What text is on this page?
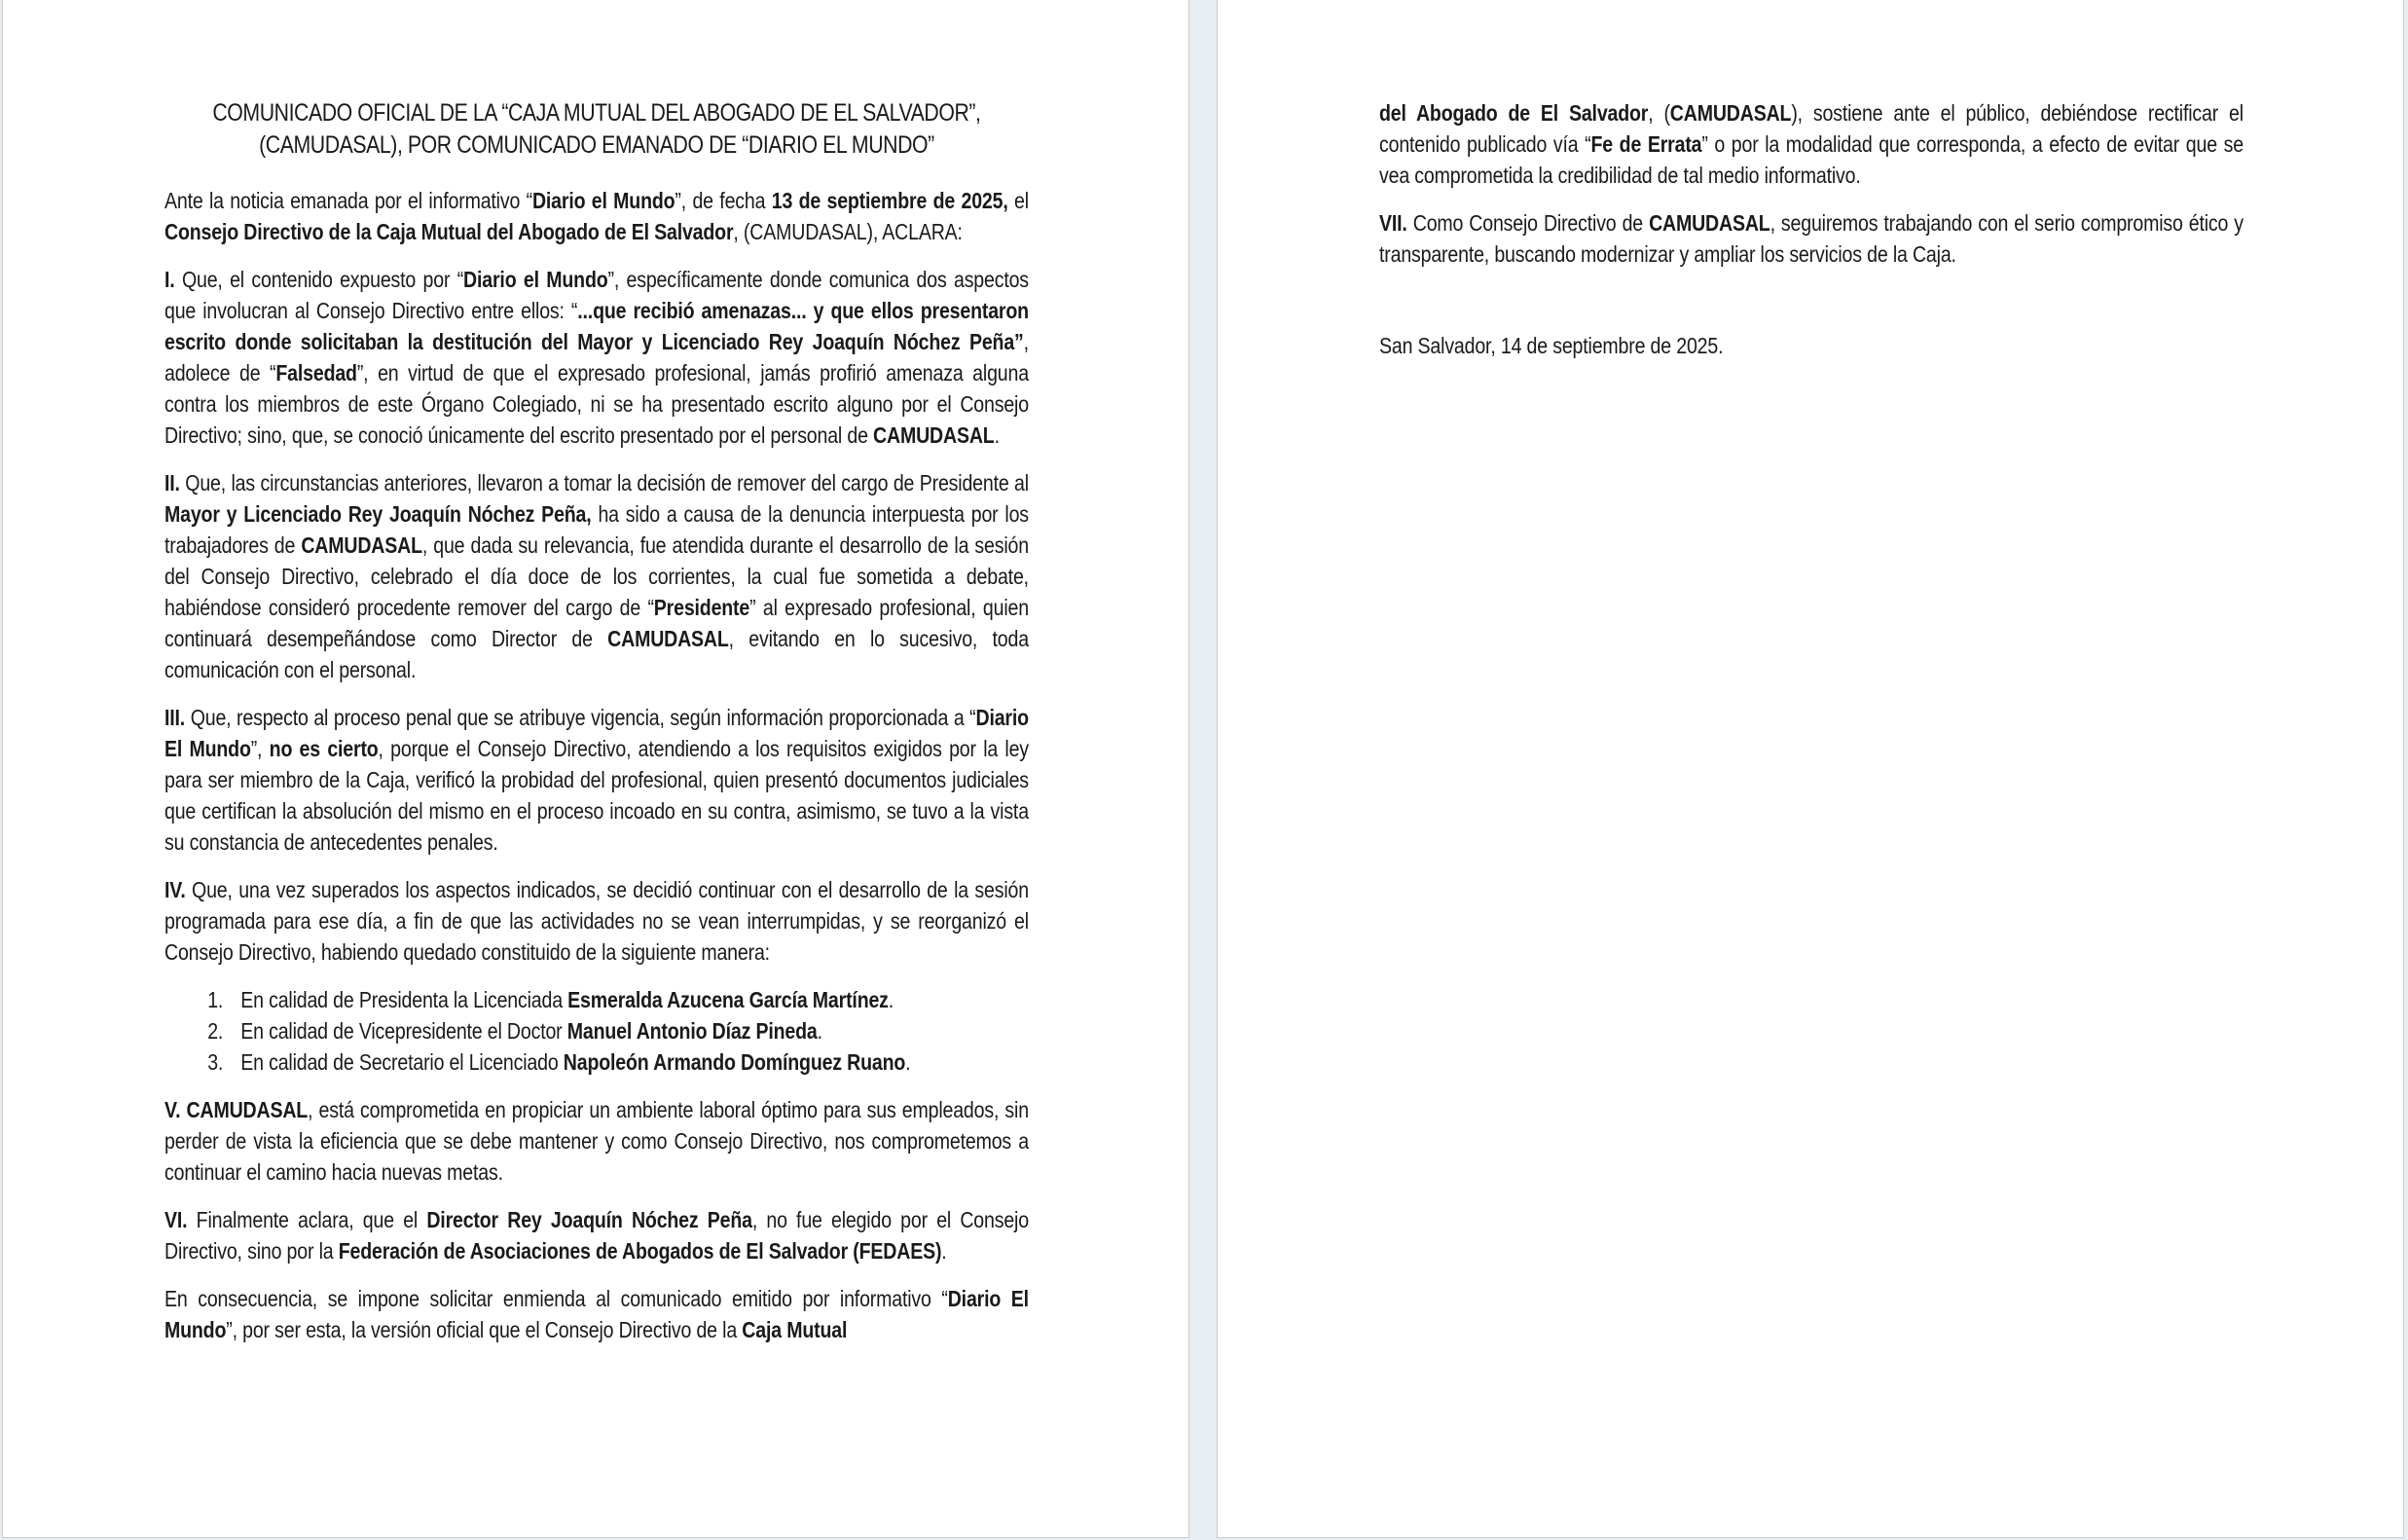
COMUNICADO OFICIAL DE LA “CAJA MUTUAL DEL ABOGADO DE EL SALVADOR”,
(CAMUDASAL), POR COMUNICADO EMANADO DE “DIARIO EL MUNDO”

Ante la noticia emanada por el informativo “Diario el Mundo”, de fecha 13 de septiembre de 2025, el Consejo Directivo de la Caja Mutual del Abogado de El Salvador, (CAMUDASAL), ACLARA:

I. Que, el contenido expuesto por “Diario el Mundo”, específicamente donde comunica dos aspectos que involucran al Consejo Directivo entre ellos: “...que recibió amenazas... y que ellos presentaron escrito donde solicitaban la destitución del Mayor y Licenciado Rey Joaquín Nóchez Peña”, adolece de “Falsedad”, en virtud de que el expresado profesional, jamás profirió amenaza alguna contra los miembros de este Órgano Colegiado, ni se ha presentado escrito alguno por el Consejo Directivo; sino, que, se conoció únicamente del escrito presentado por el personal de CAMUDASAL.

II. Que, las circunstancias anteriores, llevaron a tomar la decisión de remover del cargo de Presidente al Mayor y Licenciado Rey Joaquín Nóchez Peña, ha sido a causa de la denuncia interpuesta por los trabajadores de CAMUDASAL, que dada su relevancia, fue atendida durante el desarrollo de la sesión del Consejo Directivo, celebrado el día doce de los corrientes, la cual fue sometida a debate, habiéndose consideró procedente remover del cargo de “Presidente” al expresado profesional, quien continuará desempeñándose como Director de CAMUDASAL, evitando en lo sucesivo, toda comunicación con el personal.

III. Que, respecto al proceso penal que se atribuye vigencia, según información proporcionada a “Diario El Mundo”, no es cierto, porque el Consejo Directivo, atendiendo a los requisitos exigidos por la ley para ser miembro de la Caja, verificó la probidad del profesional, quien presentó documentos judiciales que certifican la absolución del mismo en el proceso incoado en su contra, asimismo, se tuvo a la vista su constancia de antecedentes penales.

IV. Que, una vez superados los aspectos indicados, se decidió continuar con el desarrollo de la sesión programada para ese día, a fin de que las actividades no se vean interrumpidas, y se reorganizó el Consejo Directivo, habiendo quedado constituido de la siguiente manera:

1. En calidad de Presidenta la Licenciada Esmeralda Azucena García Martínez.
2. En calidad de Vicepresidente el Doctor Manuel Antonio Díaz Pineda.
3. En calidad de Secretario el Licenciado Napoleón Armando Domínguez Ruano.

V. CAMUDASAL, está comprometida en propiciar un ambiente laboral óptimo para sus empleados, sin perder de vista la eficiencia que se debe mantener y como Consejo Directivo, nos comprometemos a continuar el camino hacia nuevas metas.

VI. Finalmente aclara, que el Director Rey Joaquín Nóchez Peña, no fue elegido por el Consejo Directivo, sino por la Federación de Asociaciones de Abogados de El Salvador (FEDAES).

En consecuencia, se impone solicitar enmienda al comunicado emitido por informativo “Diario El Mundo”, por ser esta, la versión oficial que el Consejo Directivo de la Caja Mutual

del Abogado de El Salvador, (CAMUDASAL), sostiene ante el público, debiéndose rectificar el contenido publicado vía “Fe de Errata” o por la modalidad que corresponda, a efecto de evitar que se vea comprometida la credibilidad de tal medio informativo.

VII. Como Consejo Directivo de CAMUDASAL, seguiremos trabajando con el serio compromiso ético y transparente, buscando modernizar y ampliar los servicios de la Caja.

San Salvador, 14 de septiembre de 2025.
